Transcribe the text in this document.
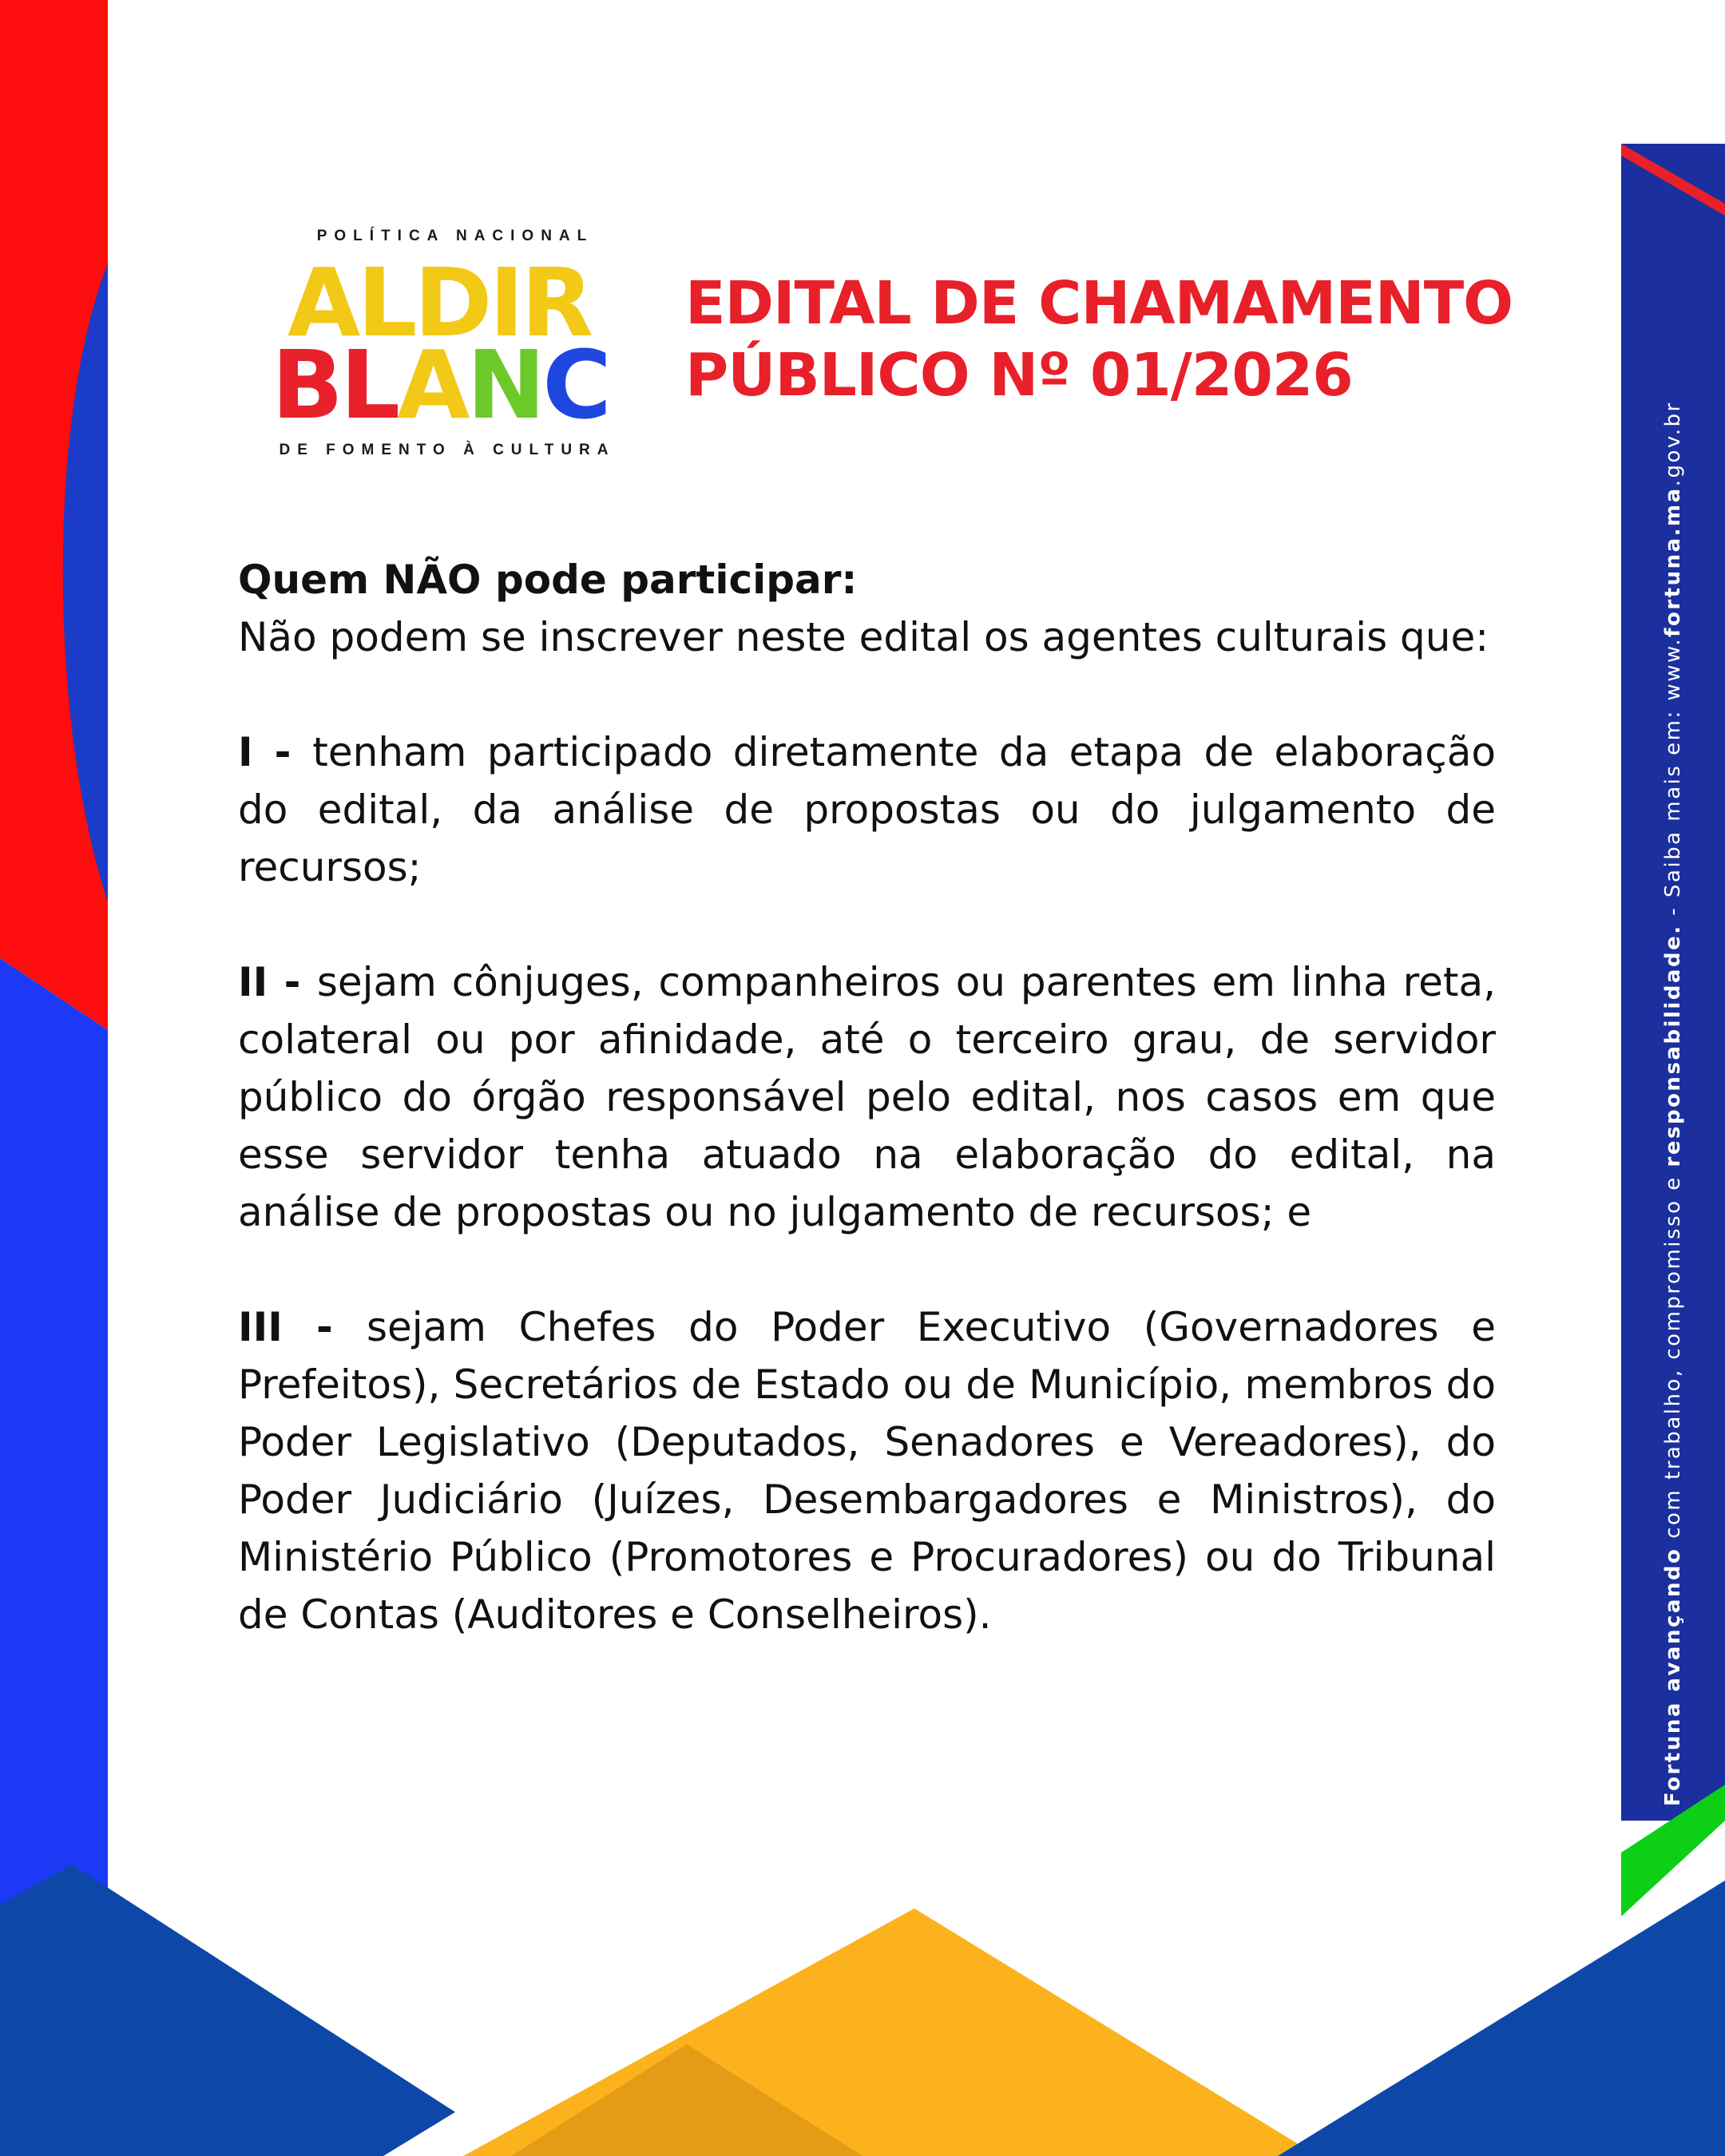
POLÍTICA NACIONAL
ALDIR
BLANC
DE FOMENTO À CULTURA
EDITAL DE CHAMAMENTO
PÚBLICO Nº 01/2026
Quem NÃO pode participar:

Não podem se inscrever neste edital os agentes culturais que:

I - tenham participado diretamente da etapa de elaboração do edital, da análise de propostas ou do julgamento de recursos;

II - sejam cônjuges, companheiros ou parentes em linha reta, colateral ou por afinidade, até o terceiro grau, de servidor público do órgão responsável pelo edital, nos casos em que esse servidor tenha atuado na elaboração do edital, na análise de propostas ou no julgamento de recursos; e

III - sejam Chefes do Poder Executivo (Governadores e Prefeitos), Secretários de Estado ou de Município, membros do Poder Legislativo (Deputados, Senadores e Vereadores), do Poder Judiciário (Juízes, Desembargadores e Ministros), do Ministério Público (Promotores e Procuradores) ou do Tribunal de Contas (Auditores e Conselheiros).	Fortuna avançando com trabalho, compromisso e responsabilidade. - Saiba mais em: www.fortuna.ma.gov.br
